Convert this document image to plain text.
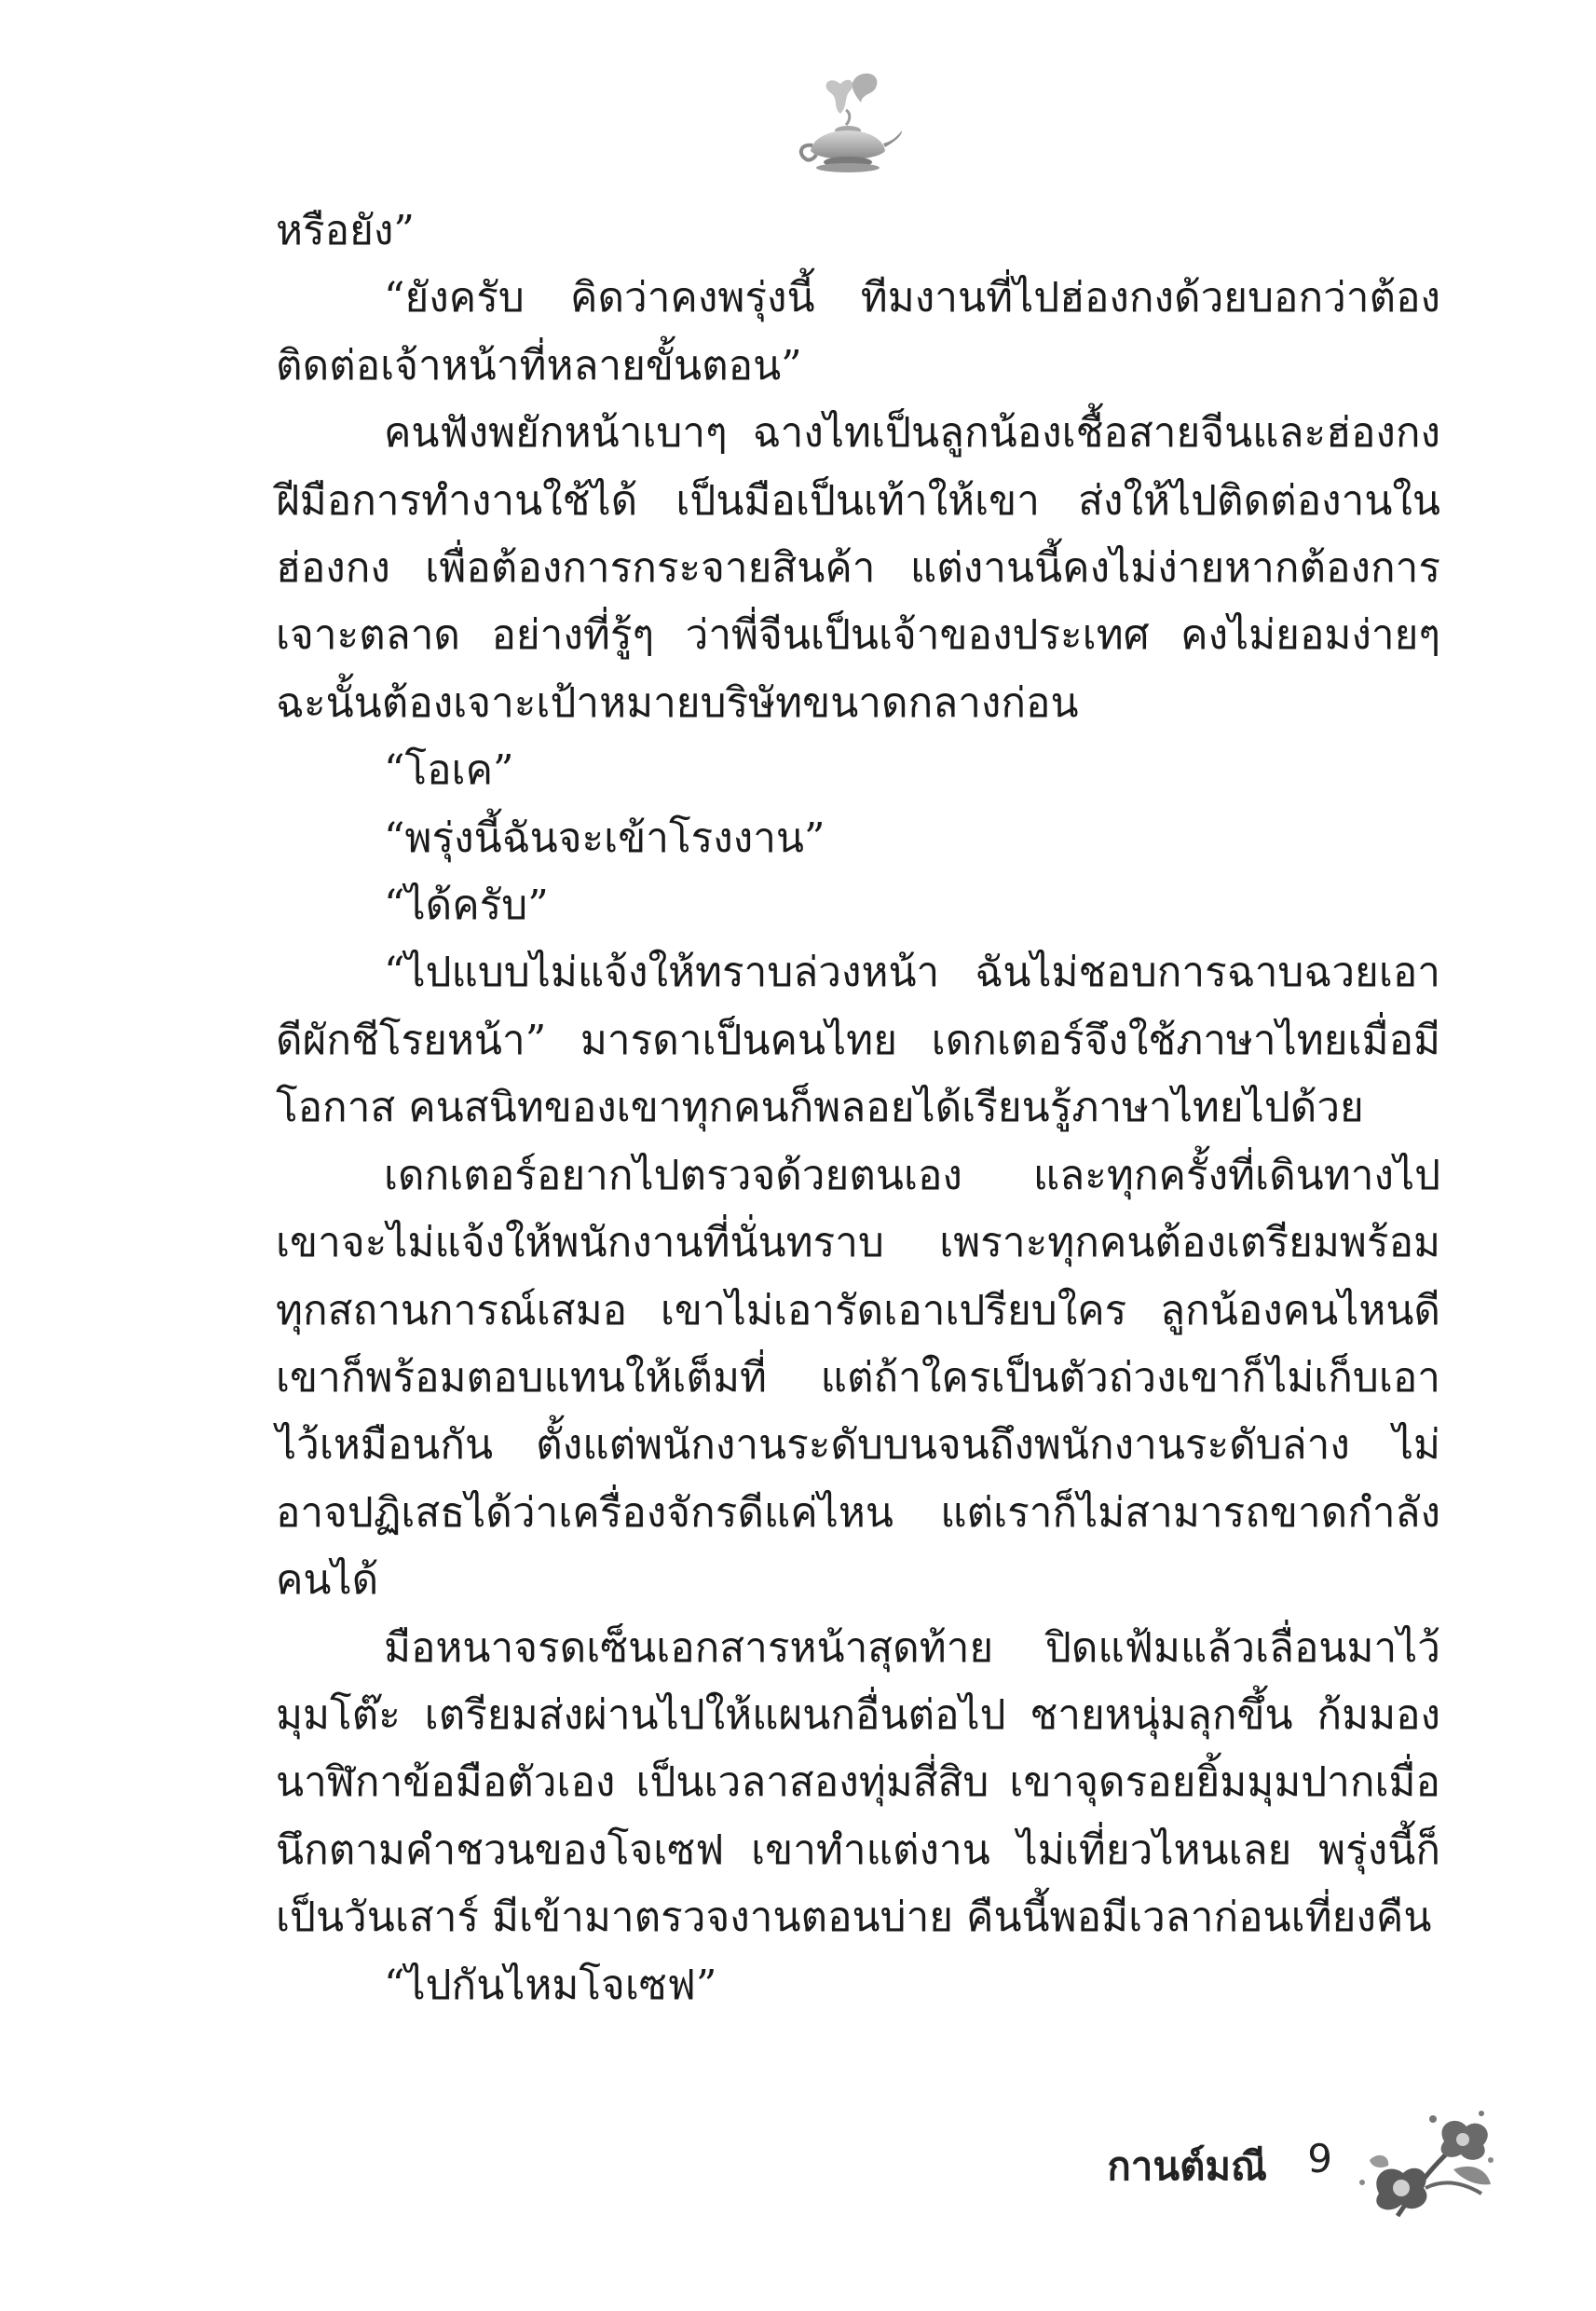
หรือยัง”

“ยังครับ คิดว่าคงพรุ่งนี้ ทีมงานที่ไปฮ่องกงด้วยบอกว่าต้องติดต่อเจ้าหน้าที่หลายขั้นตอน”

คนฟังพยักหน้าเบาๆ ฉางไทเป็นลูกน้องเชื้อสายจีนและฮ่องกง ฝีมือการทำงานใช้ได้ เป็นมือเป็นเท้าให้เขา ส่งให้ไปติดต่องานในฮ่องกง เพื่อต้องการกระจายสินค้า แต่งานนี้คงไม่ง่ายหากต้องการเจาะตลาด อย่างที่รู้ๆ ว่าพี่จีนเป็นเจ้าของประเทศ คงไม่ยอมง่ายๆ ฉะนั้นต้องเจาะเป้าหมายบริษัทขนาดกลางก่อน

“โอเค”

“พรุ่งนี้ฉันจะเข้าโรงงาน”

“ได้ครับ”

“ไปแบบไม่แจ้งให้ทราบล่วงหน้า ฉันไม่ชอบการฉาบฉวยเอาดีผักชีโรยหน้า” มารดาเป็นคนไทย เดกเตอร์จึงใช้ภาษาไทยเมื่อมีโอกาส คนสนิทของเขาทุกคนก็พลอยได้เรียนรู้ภาษาไทยไปด้วย

เดกเตอร์อยากไปตรวจด้วยตนเอง และทุกครั้งที่เดินทางไป เขาจะไม่แจ้งให้พนักงานที่นั่นทราบ เพราะทุกคนต้องเตรียมพร้อมทุกสถานการณ์เสมอ เขาไม่เอารัดเอาเปรียบใคร ลูกน้องคนไหนดีเขาก็พร้อมตอบแทนให้เต็มที่ แต่ถ้าใครเป็นตัวถ่วงเขาก็ไม่เก็บเอาไว้เหมือนกัน ตั้งแต่พนักงานระดับบนจนถึงพนักงานระดับล่าง ไม่อาจปฏิเสธได้ว่าเครื่องจักรดีแค่ไหน แต่เราก็ไม่สามารถขาดกำลังคนได้

มือหนาจรดเซ็นเอกสารหน้าสุดท้าย ปิดแฟ้มแล้วเลื่อนมาไว้มุมโต๊ะ เตรียมส่งผ่านไปให้แผนกอื่นต่อไป ชายหนุ่มลุกขึ้น ก้มมองนาฬิกาข้อมือตัวเอง เป็นเวลาสองทุ่มสี่สิบ เขาจุดรอยยิ้มมุมปากเมื่อนึกตามคำชวนของโจเซฟ เขาทำแต่งาน ไม่เที่ยวไหนเลย พรุ่งนี้ก็เป็นวันเสาร์ มีเข้ามาตรวจงานตอนบ่าย คืนนี้พอมีเวลาก่อนเที่ยงคืน

“ไปกันไหมโจเซฟ”

กานต์มณี 9
